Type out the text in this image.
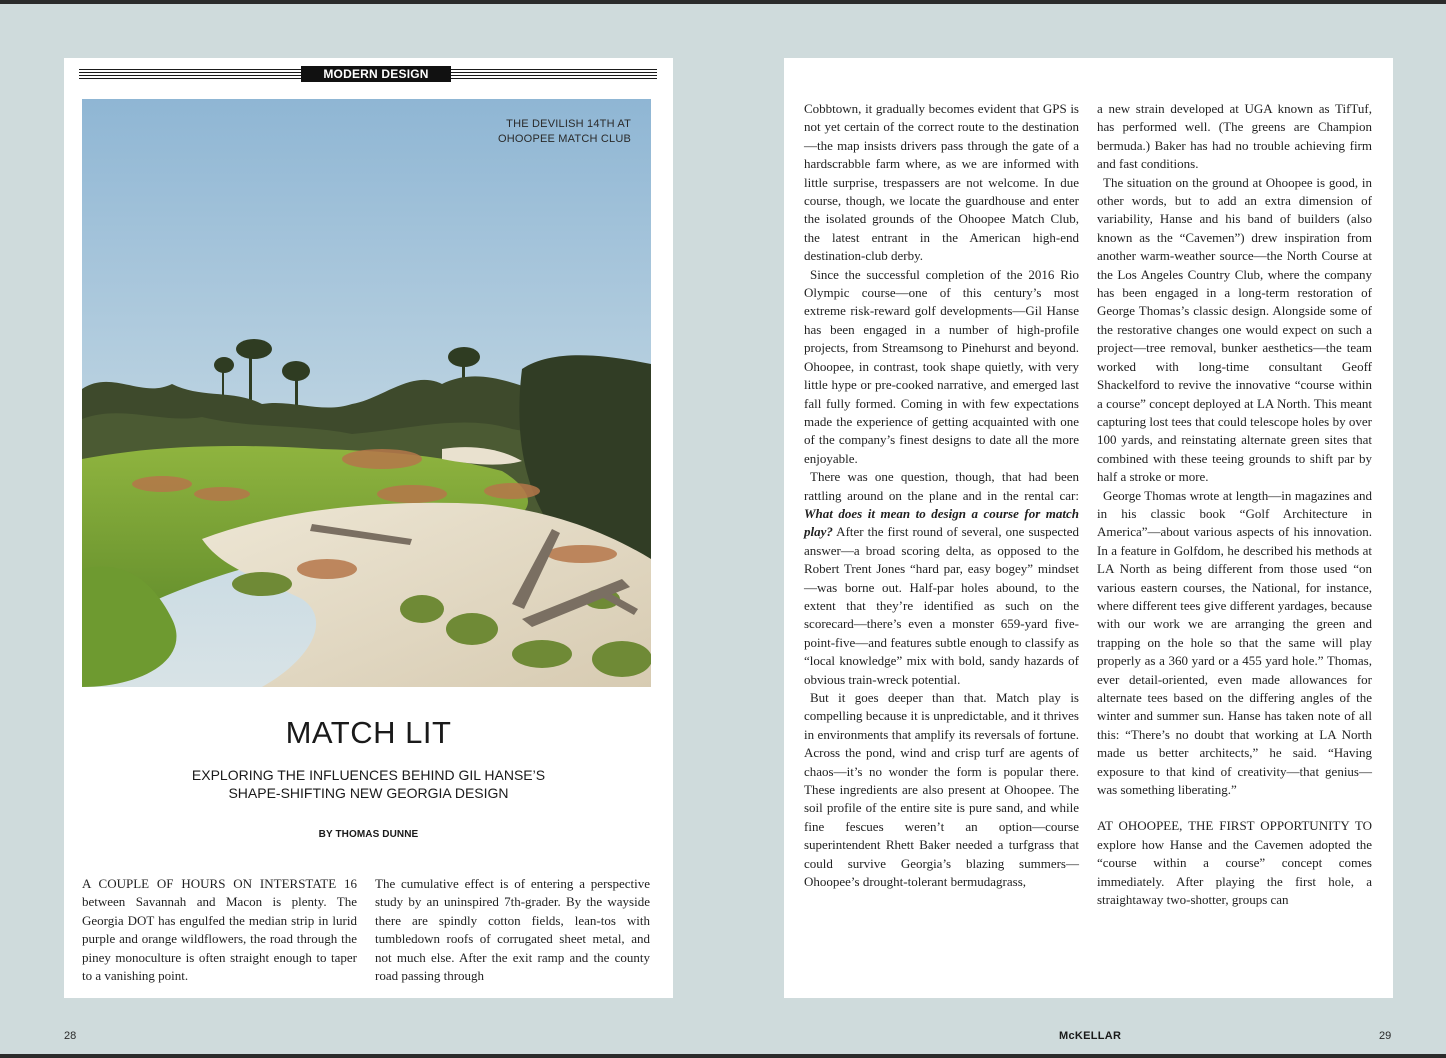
MODERN DESIGN
THE DEVILISH 14TH AT
OHOOPEE MATCH CLUB
MATCH LIT
EXPLORING THE INFLUENCES BEHIND GIL HANSE’S
SHAPE-SHIFTING NEW GEORGIA DESIGN
BY THOMAS DUNNE

A COUPLE OF HOURS ON INTERSTATE 16 between Savannah and Macon is plenty. The Georgia DOT has engulfed the median strip in lurid purple and orange wildflowers, the road through the piney monoculture is often straight enough to taper to a vanishing point.

The cumulative effect is of entering a perspective study by an uninspired 7th-grader. By the wayside there are spindly cotton fields, lean-tos with tumbledown roofs of corrugated sheet metal, and not much else. After the exit ramp and the county road passing through

Cobbtown, it gradually becomes evident that GPS is not yet certain of the correct route to the destination—the map insists drivers pass through the gate of a hardscrabble farm where, as we are informed with little surprise, trespassers are not welcome. In due course, though, we locate the guardhouse and enter the isolated grounds of the Ohoopee Match Club, the latest entrant in the American high-end destination-club derby.

Since the successful completion of the 2016 Rio Olympic course—one of this century’s most extreme risk-reward golf developments—Gil Hanse has been engaged in a number of high-profile projects, from Streamsong to Pinehurst and beyond. Ohoopee, in contrast, took shape quietly, with very little hype or pre-cooked narrative, and emerged last fall fully formed. Coming in with few expectations made the experience of getting acquainted with one of the company’s finest designs to date all the more enjoyable.

There was one question, though, that had been rattling around on the plane and in the rental car: What does it mean to design a course for match play? After the first round of several, one suspected answer—a broad scoring delta, as opposed to the Robert Trent Jones “hard par, easy bogey” mindset—was borne out. Half-par holes abound, to the extent that they’re identified as such on the scorecard—there’s even a monster 659-yard five-point-five—and features subtle enough to classify as “local knowledge” mix with bold, sandy hazards of obvious train-wreck potential.

But it goes deeper than that. Match play is compelling because it is unpredictable, and it thrives in environments that amplify its reversals of fortune. Across the pond, wind and crisp turf are agents of chaos—it’s no wonder the form is popular there. These ingredients are also present at Ohoopee. The soil profile of the entire site is pure sand, and while fine fescues weren’t an option—course superintendent Rhett Baker needed a turfgrass that could survive Georgia’s blazing summers—Ohoopee’s drought-tolerant bermudagrass,

a new strain developed at UGA known as TifTuf, has performed well. (The greens are Champion bermuda.) Baker has had no trouble achieving firm and fast conditions.

The situation on the ground at Ohoopee is good, in other words, but to add an extra dimension of variability, Hanse and his band of builders (also known as the “Cavemen”) drew inspiration from another warm-weather source—the North Course at the Los Angeles Country Club, where the company has been engaged in a long-term restoration of George Thomas’s classic design. Alongside some of the restorative changes one would expect on such a project—tree removal, bunker aesthetics—the team worked with long-time consultant Geoff Shackelford to revive the innovative “course within a course” concept deployed at LA North. This meant capturing lost tees that could telescope holes by over 100 yards, and reinstating alternate green sites that combined with these teeing grounds to shift par by half a stroke or more.

George Thomas wrote at length—in magazines and in his classic book “Golf Architecture in America”—about various aspects of his innovation. In a feature in Golfdom, he described his methods at LA North as being different from those used “on various eastern courses, the National, for instance, where different tees give different yardages, because with our work we are arranging the green and trapping on the hole so that the same will play properly as a 360 yard or a 455 yard hole.” Thomas, ever detail-oriented, even made allowances for alternate tees based on the differing angles of the winter and summer sun. Hanse has taken note of all this: “There’s no doubt that working at LA North made us better architects,” he said. “Having exposure to that kind of creativity—that genius—was something liberating.”

AT OHOOPEE, THE FIRST OPPORTUNITY TO explore how Hanse and the Cavemen adopted the “course within a course” concept comes immediately. After playing the first hole, a straightaway two-shotter, groups can

28	McKELLAR	29
